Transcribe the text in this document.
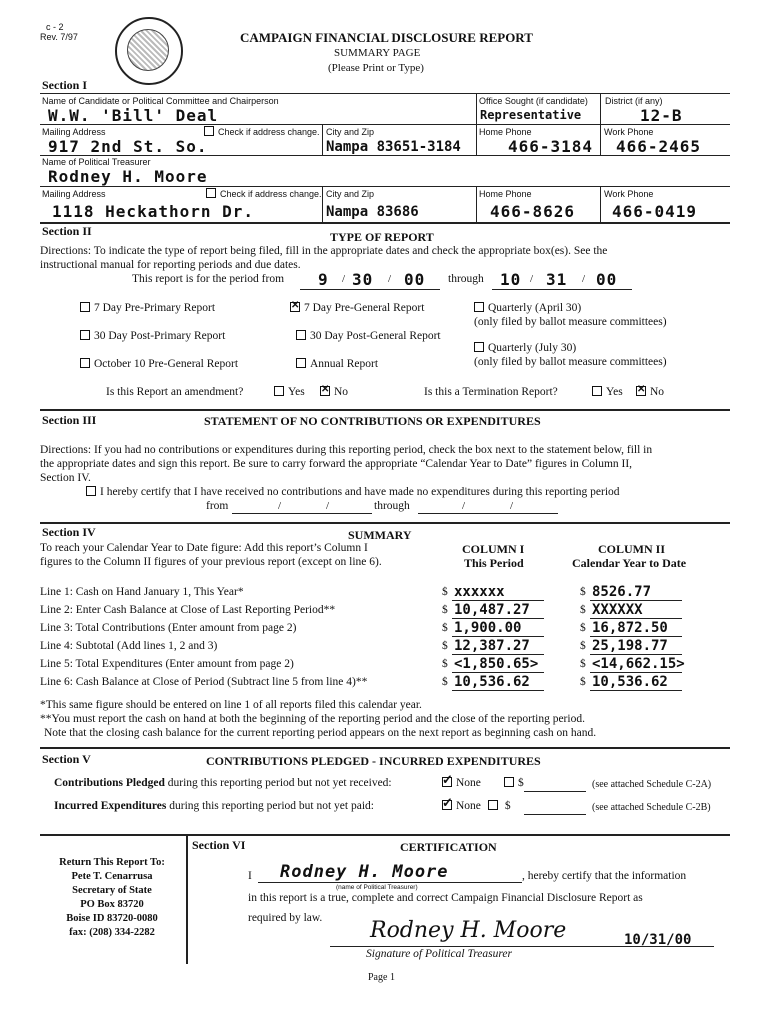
c - 2
Rev. 7/97	CAMPAIGN FINANCIAL DISCLOSURE REPORT
SUMMARY PAGE
(Please Print or Type)
Section I
Name of Candidate or Political Committee and Chairperson	Office Sought (if candidate) District (if any)
W.W. 'Bill' Deal	Representative	12-B
Mailing Address	Check if address change. City and Zip	Home Phone	Work Phone
917 2nd St. So.	Nampa 83651-3184	466-3184 466-2465
Name of Political Treasurer
Rodney H. Moore
Mailing Address	Check if address change. City and Zip	Home Phone	Work Phone
1118 Heckathorn Dr.	Nampa 83686	466-8626 466-0419
Section II	TYPE OF REPORT
Directions: To indicate the type of report being filed, fill in the appropriate dates and check the appropriate box(es). See the
instructional manual for reporting periods and due dates.
This report is for the period from 9 / 30 / 00 through 10 / 31 / 00
7 Day Pre-Primary Report ✕	7 Day Pre-General Report	Quarterly (April 30)
(only filed by ballot measure committees)
30 Day Post-Primary Report	30 Day Post-General Report
Quarterly (July 30)
(only filed by ballot measure committees)
October 10 Pre-General Report	Annual Report
Is this Report an amendment?	Yes ✕	No	Is this a Termination Report?	Yes ✕	No
Section III	STATEMENT OF NO CONTRIBUTIONS OR EXPENDITURES
Directions: If you had no contributions or expenditures during this reporting period, check the box next to the statement below, fill in
the appropriate dates and sign this report. Be sure to carry forward the appropriate “Calendar Year to Date” figures in Column II,
Section IV.
I hereby certify that I have received no contributions and have made no expenditures during this reporting period
from	/	/	through	/	/
Section IV	SUMMARY
To reach your Calendar Year to Date figure: Add this report’s Column I
figures to the Column II figures of your previous report (except on line 6).
COLUMN I
This Period
COLUMN II
Calendar Year to Date
Line 1: Cash on Hand January 1, This Year*	$ xxxxxx	$ 8526.77
Line 2: Enter Cash Balance at Close of Last Reporting Period**	$ 10,487.27	$ XXXXXX
Line 3: Total Contributions (Enter amount from page 2)	$ 1,900.00	$ 16,872.50
Line 4: Subtotal (Add lines 1, 2 and 3)	$ 12,387.27	$ 25,198.77
Line 5: Total Expenditures (Enter amount from page 2)	$ <1,850.65>	$ <14,662.15>
Line 6: Cash Balance at Close of Period (Subtract line 5 from line 4)**	$ 10,536.62	$ 10,536.62
*This same figure should be entered on line 1 of all reports filed this calendar year.
**You must report the cash on hand at both the beginning of the reporting period and the close of the reporting period.
Note that the closing cash balance for the current reporting period appears on the next report as beginning cash on hand.
Section V	CONTRIBUTIONS PLEDGED - INCURRED EXPENDITURES
Contributions Pledged during this reporting period but not yet received: ✓	None	$	(see attached Schedule C-2A)
Incurred Expenditures during this reporting period but not yet paid: ✓	None	$	(see attached Schedule C-2B)
Return This Report To:
Pete T. Cenarrusa
Secretary of State
PO Box 83720
Boise ID 83720-0080
fax: (208) 334-2282
Section VI	CERTIFICATION
I Rodney H. Moore
(name of Political Treasurer)
, hereby certify that the information
in this report is a true, complete and correct Campaign Financial Disclosure Report as
required by law. Rodney H. Moore	10/31/00
Signature of Political Treasurer
Page 1
